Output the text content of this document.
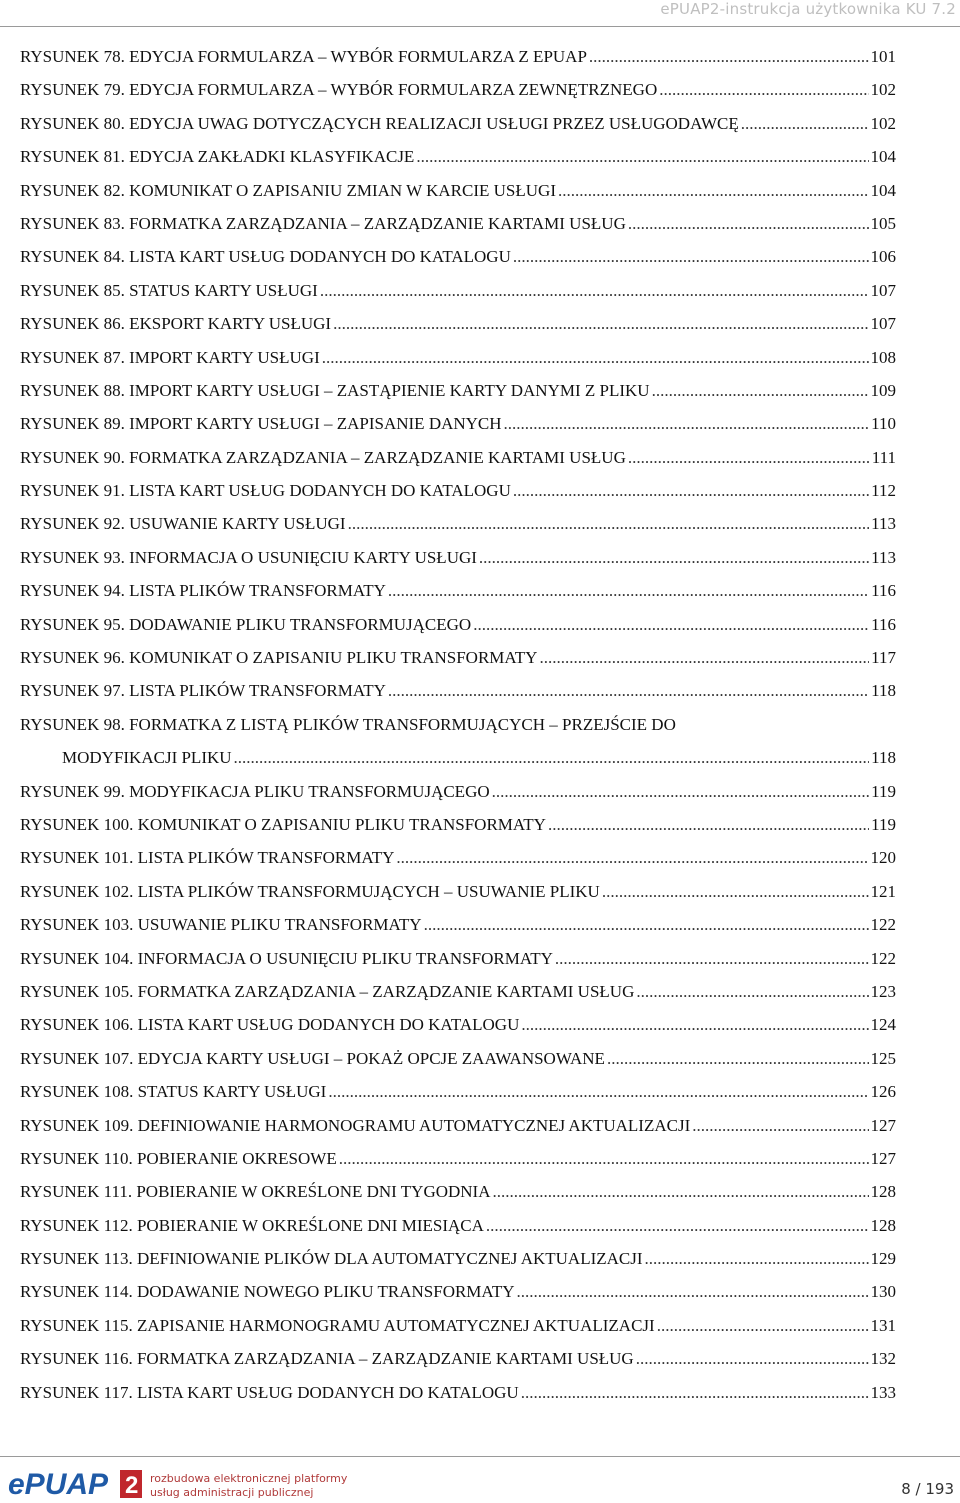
ePUAP2-instrukcja użytkownika KU 7.2
RYSUNEK 78. EDYCJA FORMULARZA – WYBÓR FORMULARZA Z EPUAP .....	101
RYSUNEK 79. EDYCJA FORMULARZA – WYBÓR FORMULARZA ZEWNĘTRZNEGO .....	102
RYSUNEK 80. EDYCJA UWAG DOTYCZĄCYCH REALIZACJI USŁUGI PRZEZ USŁUGODAWCĘ .....	102
RYSUNEK 81. EDYCJA ZAKŁADKI KLASYFIKACJE .....	104
RYSUNEK 82. KOMUNIKAT O ZAPISANIU ZMIAN W KARCIE USŁUGI .....	104
RYSUNEK 83. FORMATKA ZARZĄDZANIA – ZARZĄDZANIE KARTAMI USŁUG .....	105
RYSUNEK 84. LISTA KART USŁUG DODANYCH DO KATALOGU .....	106
RYSUNEK 85. STATUS KARTY USŁUGI .....	107
RYSUNEK 86. EKSPORT KARTY USŁUGI .....	107
RYSUNEK 87. IMPORT KARTY USŁUGI .....	108
RYSUNEK 88. IMPORT KARTY USŁUGI – ZASTĄPIENIE KARTY DANYMI Z PLIKU .....	109
RYSUNEK 89. IMPORT KARTY USŁUGI – ZAPISANIE DANYCH .....	110
RYSUNEK 90. FORMATKA ZARZĄDZANIA – ZARZĄDZANIE KARTAMI USŁUG .....	111
RYSUNEK 91. LISTA KART USŁUG DODANYCH DO KATALOGU .....	112
RYSUNEK 92. USUWANIE KARTY USŁUGI .....	113
RYSUNEK 93. INFORMACJA O USUNIĘCIU KARTY USŁUGI .....	113
RYSUNEK 94. LISTA PLIKÓW TRANSFORMATY .....	116
RYSUNEK 95. DODAWANIE PLIKU TRANSFORMUJĄCEGO .....	116
RYSUNEK 96. KOMUNIKAT O ZAPISANIU PLIKU TRANSFORMATY .....	117
RYSUNEK 97. LISTA PLIKÓW TRANSFORMATY .....	118
RYSUNEK 98. FORMATKA Z LISTĄ PLIKÓW TRANSFORMUJĄCYCH – PRZEJŚCIE DO
MODYFIKACJI PLIKU .....	118
RYSUNEK 99. MODYFIKACJA PLIKU TRANSFORMUJĄCEGO .....	119
RYSUNEK 100. KOMUNIKAT O ZAPISANIU PLIKU TRANSFORMATY .....	119
RYSUNEK 101. LISTA PLIKÓW TRANSFORMATY .....	120
RYSUNEK 102. LISTA PLIKÓW TRANSFORMUJĄCYCH – USUWANIE PLIKU .....	121
RYSUNEK 103. USUWANIE PLIKU TRANSFORMATY .....	122
RYSUNEK 104. INFORMACJA O USUNIĘCIU PLIKU TRANSFORMATY .....	122
RYSUNEK 105. FORMATKA ZARZĄDZANIA – ZARZĄDZANIE KARTAMI USŁUG .....	123
RYSUNEK 106. LISTA KART USŁUG DODANYCH DO KATALOGU .....	124
RYSUNEK 107. EDYCJA KARTY USŁUGI – POKAŻ OPCJE ZAAWANSOWANE .....	125
RYSUNEK 108. STATUS KARTY USŁUGI .....	126
RYSUNEK 109. DEFINIOWANIE HARMONOGRAMU AUTOMATYCZNEJ AKTUALIZACJI .....	127
RYSUNEK 110. POBIERANIE OKRESOWE .....	127
RYSUNEK 111. POBIERANIE W OKREŚLONE DNI TYGODNIA .....	128
RYSUNEK 112. POBIERANIE W OKREŚLONE DNI MIESIĄCA .....	128
RYSUNEK 113. DEFINIOWANIE PLIKÓW DLA AUTOMATYCZNEJ AKTUALIZACJI .....	129
RYSUNEK 114. DODAWANIE NOWEGO PLIKU TRANSFORMATY .....	130
RYSUNEK 115. ZAPISANIE HARMONOGRAMU AUTOMATYCZNEJ AKTUALIZACJI .....	131
RYSUNEK 116. FORMATKA ZARZĄDZANIA – ZARZĄDZANIE KARTAMI USŁUG .....	132
RYSUNEK 117. LISTA KART USŁUG DODANYCH DO KATALOGU .....	133
ePUAP 2 rozbudowa elektronicznej platformy
usług administracji publicznej	8 / 193
